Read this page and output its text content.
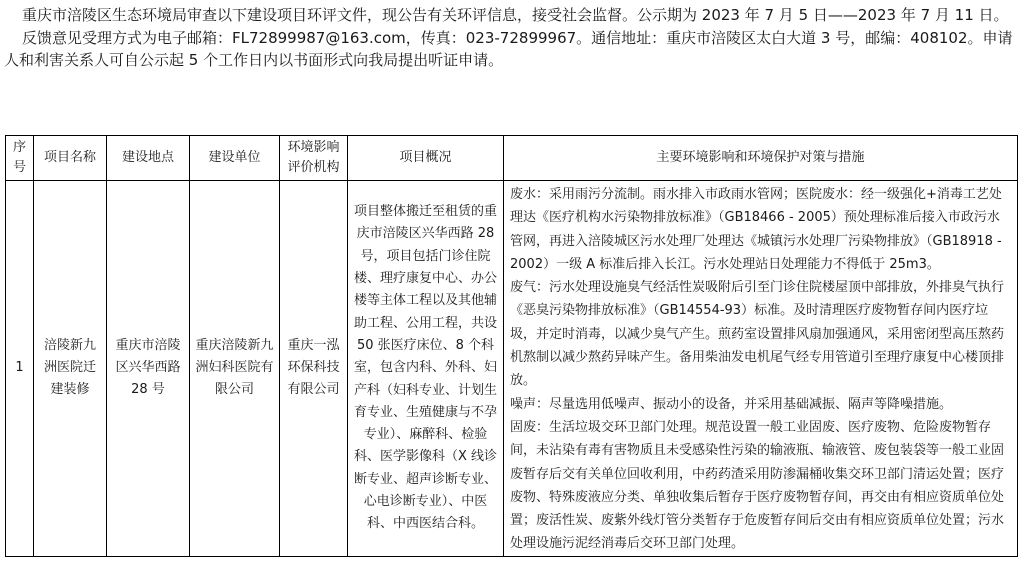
重庆市涪陵区生态环境局审查以下建设项目环评文件，现公告有关环评信息，接受社会监督。公示期为 2023 年 7 月 5 日——2023 年 7 月 11 日。

反馈意见受理方式为电子邮箱：FL72899987@163.com，传真：023-72899967。通信地址：重庆市涪陵区太白大道 3 号，邮编：408102。申请人和利害关系人可自公示起 5 个工作日内以书面形式向我局提出听证申请。

序号	项目名称	建设地点	建设单位	环境影响评价机构	项目概况	主要环境影响和环境保护对策与措施
1	涪陵新九洲医院迁建装修	重庆市涪陵区兴华西路 28 号	重庆涪陵新九洲妇科医院有限公司	重庆一泓环保科技有限公司	项目整体搬迁至租赁的重庆市涪陵区兴华西路 28 号，项目包括门诊住院楼、理疗康复中心、办公楼等主体工程以及其他辅助工程、公用工程，共设 50 张医疗床位、8 个科室，包含内科、外科、妇产科（妇科专业、计划生育专业、生殖健康与不孕专业）、麻醉科、检验科、医学影像科（X 线诊断专业、超声诊断专业、心电诊断专业）、中医科、中西医结合科。	废水：采用雨污分流制。雨水排入市政雨水管网；医院废水：经一级强化+消毒工艺处理达《医疗机构水污染物排放标准》（GB18466 - 2005）预处理标准后接入市政污水管网，再进入涪陵城区污水处理厂处理达《城镇污水处理厂污染物排放》（GB18918 - 2002）一级 A 标准后排入长江。污水处理站日处理能力不得低于 25m3。
废气：污水处理设施臭气经活性炭吸附后引至门诊住院楼屋顶中部排放，外排臭气执行《恶臭污染物排放标准》（GB14554-93）标准。及时清理医疗废物暂存间内医疗垃圾，并定时消毒，以减少臭气产生。煎药室设置排风扇加强通风，采用密闭型高压熬药机熬制以减少熬药异味产生。备用柴油发电机尾气经专用管道引至理疗康复中心楼顶排放。
噪声：尽量选用低噪声、振动小的设备，并采用基础减振、隔声等降噪措施。
固废：生活垃圾交环卫部门处理。规范设置一般工业固废、医疗废物、危险废物暂存间，未沾染有毒有害物质且未受感染性污染的输液瓶、输液管、废包装袋等一般工业固废暂存后交有关单位回收利用，中药药渣采用防渗漏桶收集交环卫部门清运处置；医疗废物、特殊废液应分类、单独收集后暂存于医疗废物暂存间，再交由有相应资质单位处置；废活性炭、废紫外线灯管分类暂存于危废暂存间后交由有相应资质单位处置；污水处理设施污泥经消毒后交环卫部门处理。
